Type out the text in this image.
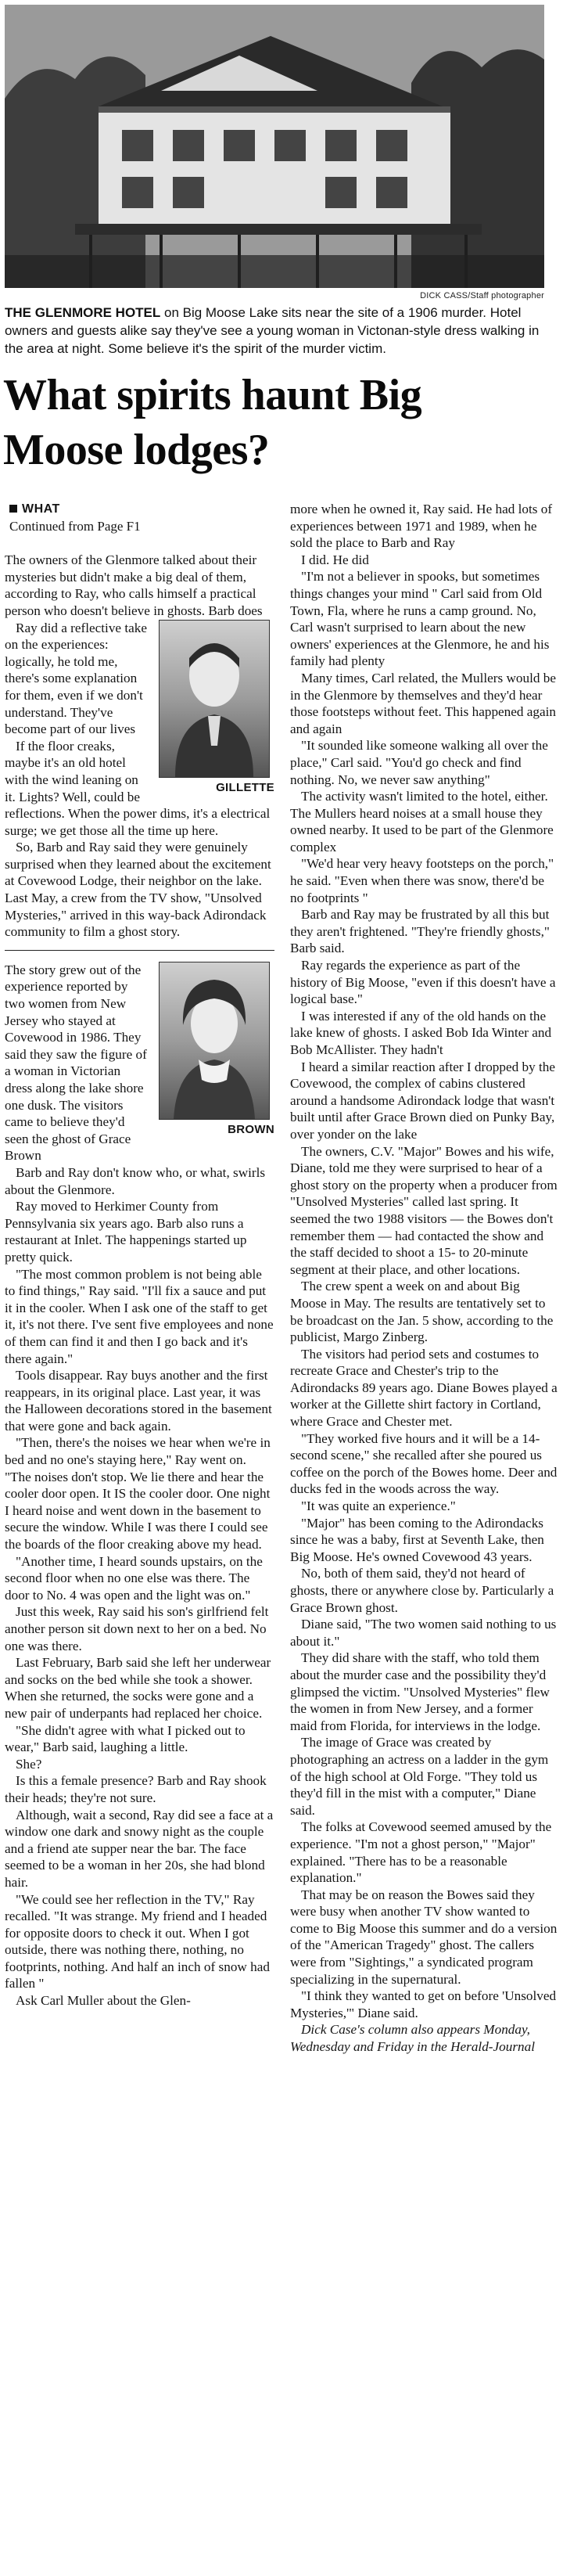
DICK CASS/Staff photographer
THE GLENMORE HOTEL on Big Moose Lake sits near the site of a 1906 murder. Hotel owners and guests alike say they've see a young woman in Victonan-style dress walking in the area at night. Some believe it's the spirit of the murder victim.
What spirits haunt Big Moose lodges?
WHAT
Continued from Page F1

The owners of the Glenmore talked about their mysteries but didn't make a big deal of them, according to Ray, who calls himself a practical person who doesn't believe in ghosts. Barb does

GILLETTE

Ray did a reflective take on the experiences: logically, he told me, there's some explanation for them, even if we don't understand. They've become part of our lives

If the floor creaks, maybe it's an old hotel with the wind leaning on it. Lights? Well, could be reflections. When the power dims, it's a electrical surge; we get those all the time up here.

So, Barb and Ray said they were genuinely surprised when they learned about the excitement at Covewood Lodge, their neighbor on the lake. Last May, a crew from the TV show, "Unsolved Mysteries," arrived in this way-back Adirondack community to film a ghost story.

BROWN

The story grew out of the experience reported by two women from New Jersey who stayed at Covewood in 1986. They said they saw the figure of a woman in Victorian dress along the lake shore one dusk. The visitors came to believe they'd seen the ghost of Grace Brown

Barb and Ray don't know who, or what, swirls about the Glenmore.

Ray moved to Herkimer County from Pennsylvania six years ago. Barb also runs a restaurant at Inlet. The happenings started up pretty quick.

"The most common problem is not being able to find things," Ray said. "I'll fix a sauce and put it in the cooler. When I ask one of the staff to get it, it's not there. I've sent five employees and none of them can find it and then I go back and it's there again."

Tools disappear. Ray buys another and the first reappears, in its original place. Last year, it was the Halloween decorations stored in the basement that were gone and back again.

"Then, there's the noises we hear when we're in bed and no one's staying here," Ray went on. "The noises don't stop. We lie there and hear the cooler door open. It IS the cooler door. One night I heard noise and went down in the basement to secure the window. While I was there I could see the boards of the floor creaking above my head.

"Another time, I heard sounds upstairs, on the second floor when no one else was there. The door to No. 4 was open and the light was on."

Just this week, Ray said his son's girlfriend felt another person sit down next to her on a bed. No one was there.

Last February, Barb said she left her underwear and socks on the bed while she took a shower. When she returned, the socks were gone and a new pair of underpants had replaced her choice.

"She didn't agree with what I picked out to wear," Barb said, laughing a little.

She?

Is this a female presence? Barb and Ray shook their heads; they're not sure.

Although, wait a second, Ray did see a face at a window one dark and snowy night as the couple and a friend ate supper near the bar. The face seemed to be a woman in her 20s, she had blond hair.

"We could see her reflection in the TV," Ray recalled. "It was strange. My friend and I headed for opposite doors to check it out. When I got outside, there was nothing there, nothing, no footprints, nothing. And half an inch of snow had fallen "

Ask Carl Muller about the Glen-

more when he owned it, Ray said. He had lots of experiences between 1971 and 1989, when he sold the place to Barb and Ray

I did. He did

"I'm not a believer in spooks, but sometimes things changes your mind " Carl said from Old Town, Fla, where he runs a camp ground. No, Carl wasn't surprised to learn about the new owners' experiences at the Glenmore, he and his family had plenty

Many times, Carl related, the Mullers would be in the Glenmore by themselves and they'd hear those footsteps without feet. This happened again and again

"It sounded like someone walking all over the place," Carl said. "You'd go check and find nothing. No, we never saw anything"

The activity wasn't limited to the hotel, either. The Mullers heard noises at a small house they owned nearby. It used to be part of the Glenmore complex

"We'd hear very heavy footsteps on the porch," he said. "Even when there was snow, there'd be no footprints "

Barb and Ray may be frustrated by all this but they aren't frightened. "They're friendly ghosts," Barb said.

Ray regards the experience as part of the history of Big Moose, "even if this doesn't have a logical base."

I was interested if any of the old hands on the lake knew of ghosts. I asked Bob Ida Winter and Bob McAllister. They hadn't

I heard a similar reaction after I dropped by the Covewood, the complex of cabins clustered around a handsome Adirondack lodge that wasn't built until after Grace Brown died on Punky Bay, over yonder on the lake

The owners, C.V. "Major" Bowes and his wife, Diane, told me they were surprised to hear of a ghost story on the property when a producer from "Unsolved Mysteries" called last spring. It seemed the two 1988 visitors — the Bowes don't remember them — had contacted the show and the staff decided to shoot a 15- to 20-minute segment at their place, and other locations.

The crew spent a week on and about Big Moose in May. The results are tentatively set to be broadcast on the Jan. 5 show, according to the publicist, Margo Zinberg.

The visitors had period sets and costumes to recreate Grace and Chester's trip to the Adirondacks 89 years ago. Diane Bowes played a worker at the Gillette shirt factory in Cortland, where Grace and Chester met.

"They worked five hours and it will be a 14-second scene," she recalled after she poured us coffee on the porch of the Bowes home. Deer and ducks fed in the woods across the way.

"It was quite an experience."

"Major" has been coming to the Adirondacks since he was a baby, first at Seventh Lake, then Big Moose. He's owned Covewood 43 years.

No, both of them said, they'd not heard of ghosts, there or anywhere close by. Particularly a Grace Brown ghost.

Diane said, "The two women said nothing to us about it."

They did share with the staff, who told them about the murder case and the possibility they'd glimpsed the victim. "Unsolved Mysteries" flew the women in from New Jersey, and a former maid from Florida, for interviews in the lodge.

The image of Grace was created by photographing an actress on a ladder in the gym of the high school at Old Forge. "They told us they'd fill in the mist with a computer," Diane said.

The folks at Covewood seemed amused by the experience. "I'm not a ghost person," "Major" explained. "There has to be a reasonable explanation."

That may be on reason the Bowes said they were busy when another TV show wanted to come to Big Moose this summer and do a version of the "American Tragedy" ghost. The callers were from "Sightings," a syndicated program specializing in the supernatural.

"I think they wanted to get on before 'Unsolved Mysteries,'" Diane said.

Dick Case's column also appears Monday, Wednesday and Friday in the Herald-Journal
